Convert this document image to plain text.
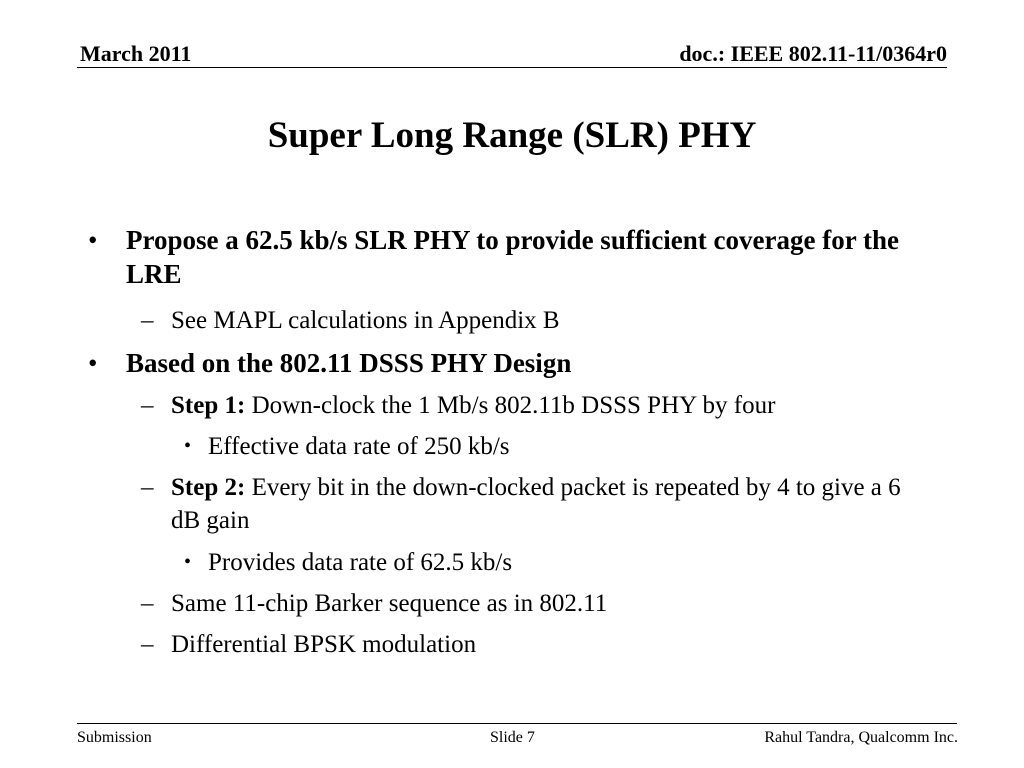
March 2011	doc.: IEEE 802.11-11/0364r0
Super Long Range (SLR) PHY
• Propose a 62.5 kb/s SLR PHY to provide sufficient coverage for the LRE
– See MAPL calculations in Appendix B
• Based on the 802.11 DSSS PHY Design
– Step 1: Down-clock the 1 Mb/s 802.11b DSSS PHY by four
• Effective data rate of 250 kb/s
– Step 2: Every bit in the down-clocked packet is repeated by 4 to give a 6 dB gain
• Provides data rate of 62.5 kb/s
– Same 11-chip Barker sequence as in 802.11
– Differential BPSK modulation
Submission	Slide 7	Rahul Tandra, Qualcomm Inc.
